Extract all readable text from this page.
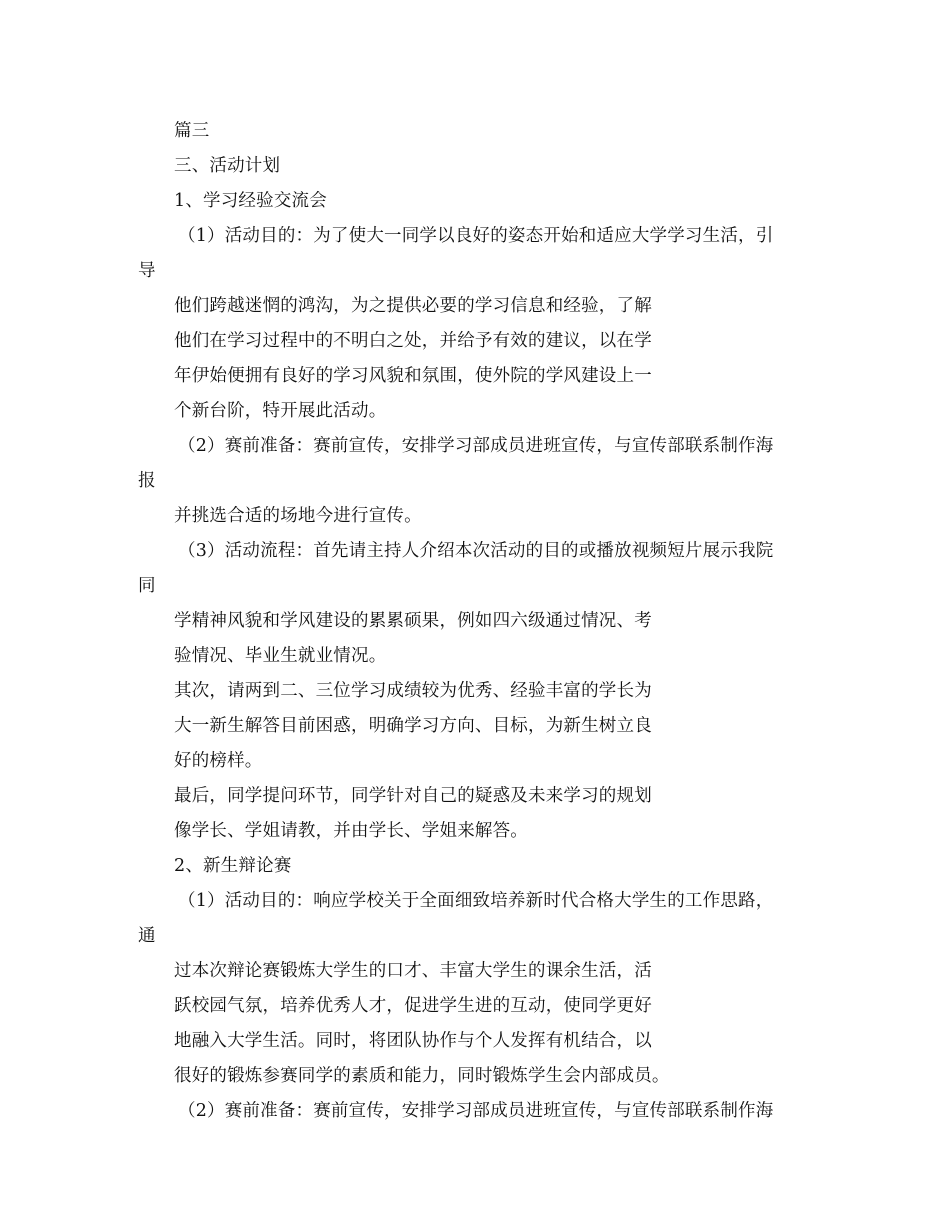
篇三
三、活动计划
1、学习经验交流会
（1）活动目的：为了使大一同学以良好的姿态开始和适应大学学习生活，引
导
他们跨越迷惘的鸿沟，为之提供必要的学习信息和经验，了解
他们在学习过程中的不明白之处，并给予有效的建议，以在学
年伊始便拥有良好的学习风貌和氛围，使外院的学风建设上一
个新台阶，特开展此活动。
（2）赛前准备：赛前宣传，安排学习部成员进班宣传，与宣传部联系制作海
报
并挑选合适的场地今进行宣传。
（3）活动流程：首先请主持人介绍本次活动的目的或播放视频短片展示我院
同
学精神风貌和学风建设的累累硕果，例如四六级通过情况、考
验情况、毕业生就业情况。
其次，请两到二、三位学习成绩较为优秀、经验丰富的学长为
大一新生解答目前困惑，明确学习方向、目标，为新生树立良
好的榜样。
最后，同学提问环节，同学针对自己的疑惑及未来学习的规划
像学长、学姐请教，并由学长、学姐来解答。
2、新生辩论赛
（1）活动目的：响应学校关于全面细致培养新时代合格大学生的工作思路，
通
过本次辩论赛锻炼大学生的口才、丰富大学生的课余生活，活
跃校园气氛，培养优秀人才，促进学生进的互动，使同学更好
地融入大学生活。同时，将团队协作与个人发挥有机结合，以
很好的锻炼参赛同学的素质和能力，同时锻炼学生会内部成员。
（2）赛前准备：赛前宣传，安排学习部成员进班宣传，与宣传部联系制作海
